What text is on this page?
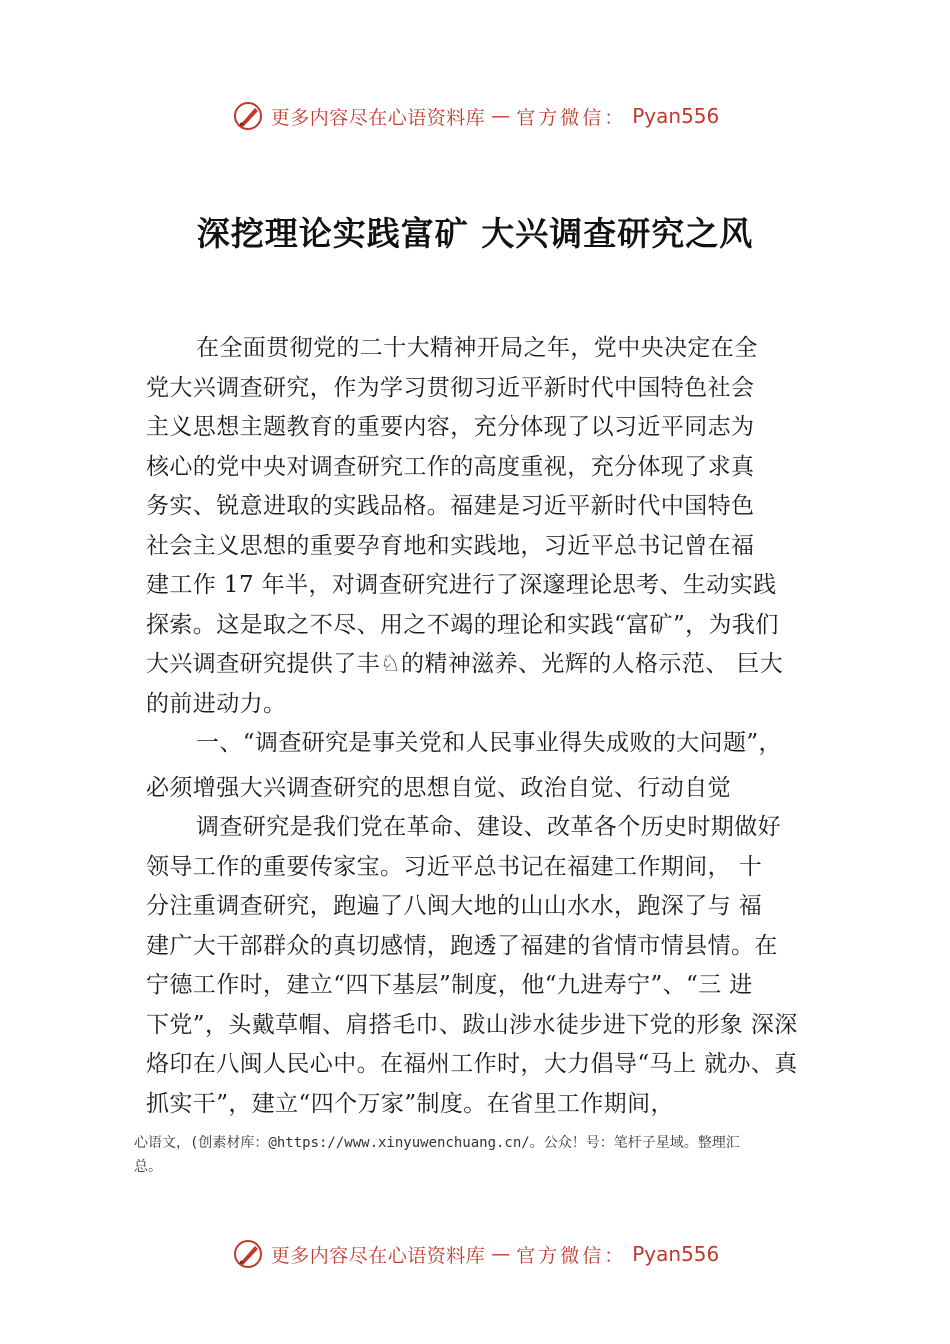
更多内容尽在心语资料库 — 官方微信： Pyan556
深挖理论实践富矿 大兴调查研究之风
在全面贯彻党的二十大精神开局之年，党中央决定在全
党大兴调查研究，作为学习贯彻习近平新时代中国特色社会
主义思想主题教育的重要内容，充分体现了以习近平同志为
核心的党中央对调查研究工作的高度重视，充分体现了求真
务实、锐意进取的实践品格。福建是习近平新时代中国特色
社会主义思想的重要孕育地和实践地，习近平总书记曾在福
建工作 17 年半，对调查研究进行了深邃理论思考、生动实践
探索。这是取之不尽、用之不竭的理论和实践“富矿”，为我们
大兴调查研究提供了丰♘的精神滋养、光辉的人格示范、 巨大
的前进动力。
一、“调查研究是事关党和人民事业得失成败的大问题”，
必须增强大兴调查研究的思想自觉、政治自觉、行动自觉
调查研究是我们党在革命、建设、改革各个历史时期做好
领导工作的重要传家宝。习近平总书记在福建工作期间， 十
分注重调查研究，跑遍了八闽大地的山山水水，跑深了与 福
建广大干部群众的真切感情，跑透了福建的省情市情县情。在
宁德工作时，建立“四下基层”制度，他“九进寿宁”、“三 进
下党”，头戴草帽、肩搭毛巾、跋山涉水徒步进下党的形象 深深
烙印在八闽人民心中。在福州工作时，大力倡导“马上 就办、真
抓实干”，建立“四个万家”制度。在省里工作期间，
心语文，(创素材库：@https://www.xinyuwenchuang.cn/。公众！号：笔杆子星域。整理汇
总。
更多内容尽在心语资料库 — 官方微信： Pyan556
